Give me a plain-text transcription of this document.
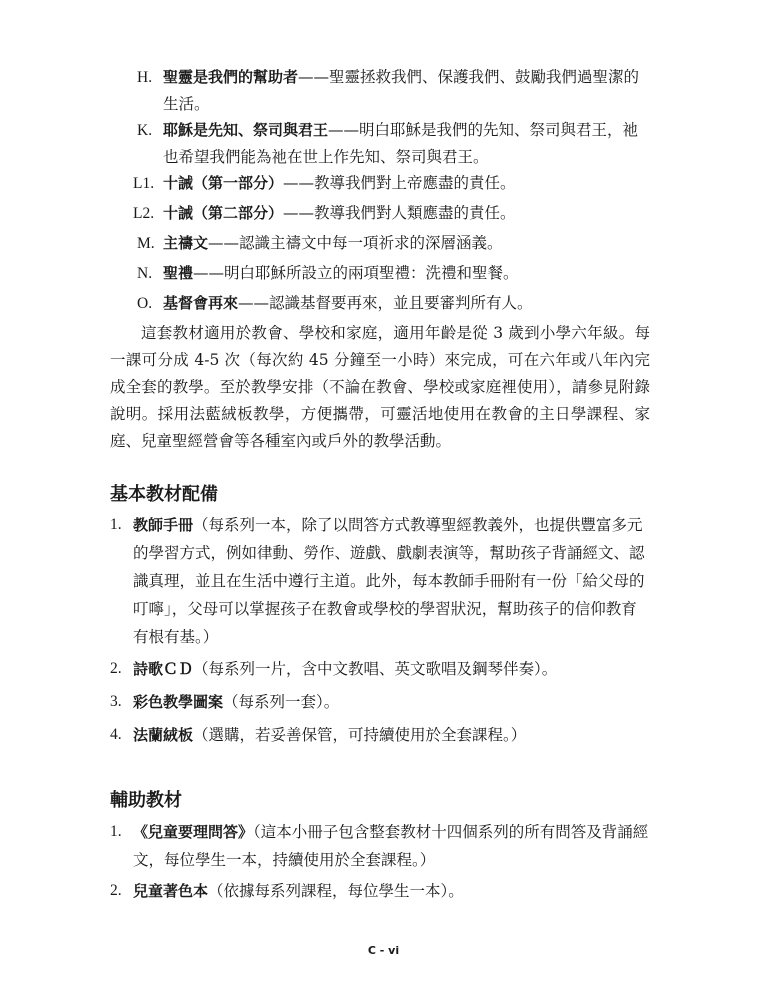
H. 聖靈是我們的幫助者——聖靈拯救我們、保護我們、鼓勵我們過聖潔的生活。
K. 耶穌是先知、祭司與君王——明白耶穌是我們的先知、祭司與君王，祂也希望我們能為祂在世上作先知、祭司與君王。
L1. 十誡（第一部分）——教導我們對上帝應盡的責任。
L2. 十誡（第二部分）——教導我們對人類應盡的責任。
M. 主禱文——認識主禱文中每一項祈求的深層涵義。
N. 聖禮——明白耶穌所設立的兩項聖禮：洗禮和聖餐。
O. 基督會再來——認識基督要再來，並且要審判所有人。

這套教材適用於教會、學校和家庭，適用年齡是從 3 歲到小學六年級。每一課可分成 4-5 次（每次約 45 分鐘至一小時）來完成，可在六年或八年內完成全套的教學。至於教學安排（不論在教會、學校或家庭裡使用），請參見附錄說明。採用法藍絨板教學，方便攜帶，可靈活地使用在教會的主日學課程、家庭、兒童聖經營會等各種室內或戶外的教學活動。

基本教材配備
1. 教師手冊（每系列一本，除了以問答方式教導聖經教義外，也提供豐富多元的學習方式，例如律動、勞作、遊戲、戲劇表演等，幫助孩子背誦經文、認識真理，並且在生活中遵行主道。此外，每本教師手冊附有一份「給父母的叮嚀」，父母可以掌握孩子在教會或學校的學習狀況，幫助孩子的信仰教育有根有基。）
2. 詩歌ＣＤ（每系列一片，含中文教唱、英文歌唱及鋼琴伴奏）。
3. 彩色教學圖案（每系列一套）。
4. 法蘭絨板（選購，若妥善保管，可持續使用於全套課程。）
輔助教材
1. 《兒童要理問答》（這本小冊子包含整套教材十四個系列的所有問答及背誦經文，每位學生一本，持續使用於全套課程。）
2. 兒童著色本（依據每系列課程，每位學生一本）。
C - vi
